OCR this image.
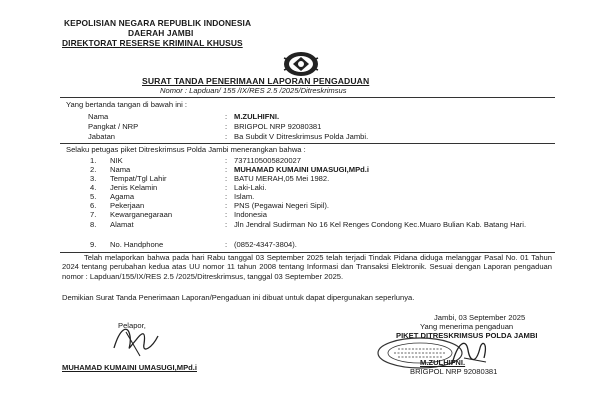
KEPOLISIAN NEGARA REPUBLIK INDONESIA
DAERAH JAMBI
DIREKTORAT RESERSE KRIMINAL KHUSUS
SURAT TANDA PENERIMAAN LAPORAN PENGADUAN
Nomor : Lapduan/ 155 /IX/RES 2.5 /2025/Ditreskrimsus
Yang bertanda tangan di bawah ini :
Nama	: M.ZULHIFNI.
Pangkat / NRP	: BRIGPOL NRP 92080381
Jabatan	: Ba Subdit V Ditreskrimsus Polda Jambi.
Selaku petugas piket Ditreskrimsus Polda Jambi menerangkan bahwa :
1. NIK	: 7371105005820027
2. Nama	: MUHAMAD KUMAINI UMASUGI,MPd.i
3. Tempat/Tgl Lahir	: BATU MERAH,05 Mei 1982.
4. Jenis Kelamin	: Laki-Laki.
5. Agama	: Islam.
6. Pekerjaan	: PNS (Pegawai Negeri Sipil).
7. Kewarganegaraan	: Indonesia
8. Alamat	: Jln Jendral Sudirman No 16 Kel Renges Condong Kec.Muaro Bulian Kab. Batang Hari.
9. No. Handphone	: (0852-4347-3804).
Telah melaporkan bahwa pada hari Rabu tanggal 03 September 2025 telah terjadi Tindak Pidana diduga melanggar Pasal No. 01 Tahun 2024 tentang perubahan kedua atas UU nomor 11 tahun 2008 tentang Informasi dan Transaksi Elektronik. Sesuai dengan Laporan pengaduan nomor : Lapduan/155/IX/RES 2.5 /2025/Ditreskrimsus, tanggal 03 September 2025.
Demikian Surat Tanda Penerimaan Laporan/Pengaduan ini dibuat untuk dapat dipergunakan seperlunya.
Pelapor,
MUHAMAD KUMAINI UMASUGI,MPd.i
Jambi, 03 September 2025
Yang menerima pengaduan
PIKET DITRESKRIMSUS POLDA JAMBI
M.ZULHIFNI.
BRIGPOL NRP 92080381
